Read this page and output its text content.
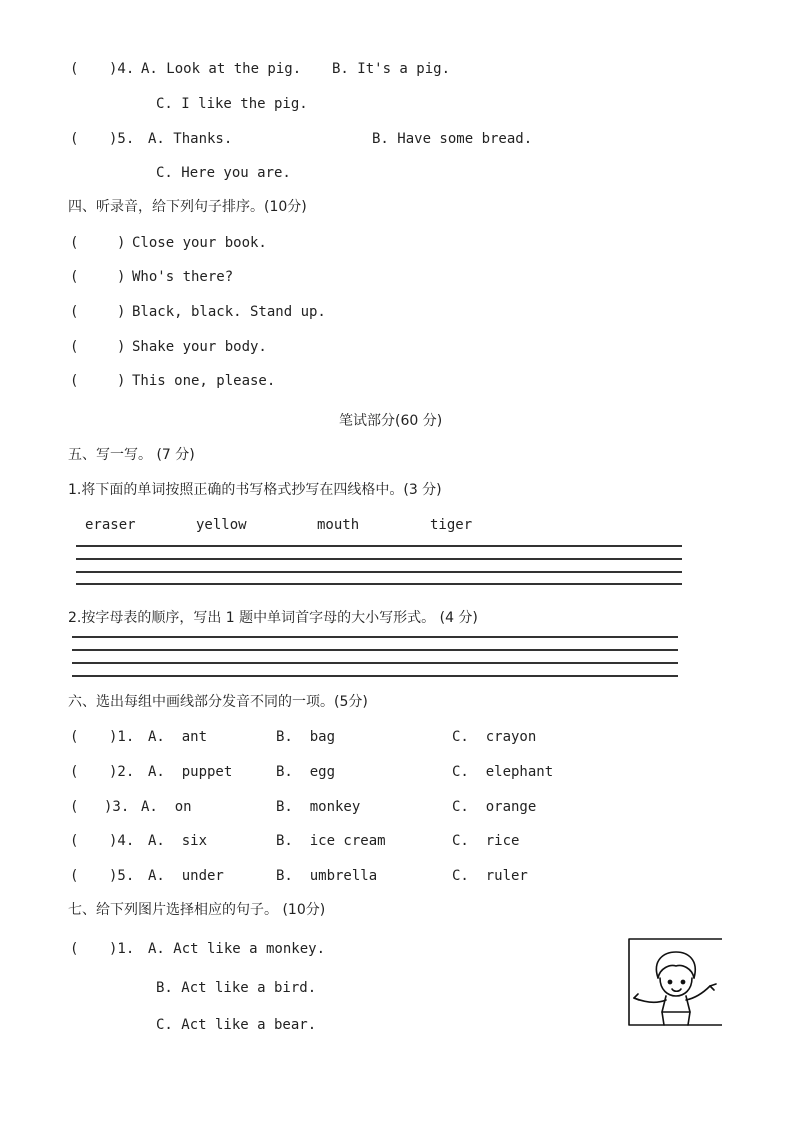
( )4. A. Look at the pig. B. It's a pig.
C. I like the pig.
( )5. A. Thanks.	B. Have some bread.
C. Here you are.
四、听录音，给下列句子排序。(10分)
(	) Close your book.
(	) Who's there?
(	) Black, black. Stand up.
(	) Shake your body.
(	) This one, please.
笔试部分(60 分)
五、写一写。 (7 分)
1.将下面的单词按照正确的书写格式抄写在四线格中。(3 分)
eraser	yellow	mouth	tiger
2.按字母表的顺序，写出 1 题中单词首字母的大小写形式。 (4 分)
六、选出每组中画线部分发音不同的一项。(5分)
( )1. A.  ant	B.  bag	C.  crayon
( )2. A.  puppet	B.  egg	C.  elephant
( )3. A.  on	B.  monkey	C.  orange
( )4. A.  six	B.  ice cream	C.  rice
( )5. A.  under	B.  umbrella	C.  ruler
七、给下列图片选择相应的句子。 (10分)
( )1. A. Act like a monkey.
B. Act like a bird.
C. Act like a bear.
